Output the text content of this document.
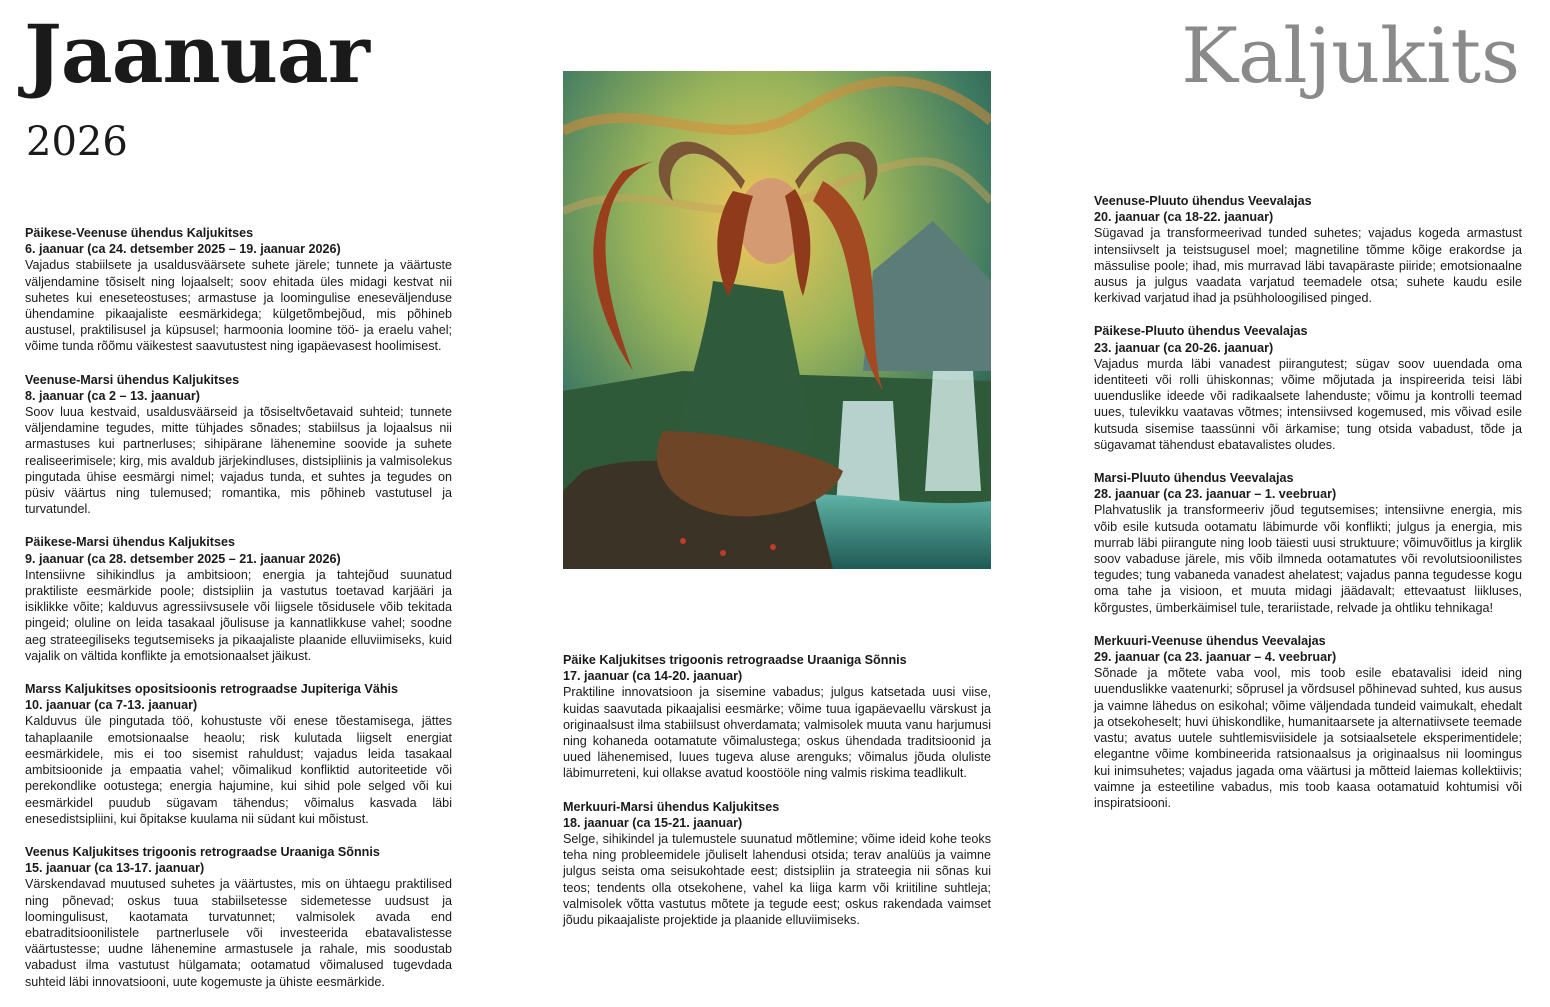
Jaanuar
2026
Kaljukits
Päikese-Veenuse ühendus Kaljukitses
6. jaanuar (ca 24. detsember 2025 – 19. jaanuar 2026)
Vajadus stabiilsete ja usaldusväärsete suhete järele; tunnete ja väärtuste väljendamine tõsiselt ning lojaalselt; soov ehitada üles midagi kestvat nii suhetes kui eneseteostuses; armastuse ja loomingulise eneseväljenduse ühendamine pikaajaliste eesmärkidega; külgetõmbejõud, mis põhineb austusel, praktilisusel ja küpsusel; harmoonia loomine töö- ja eraelu vahel; võime tunda rõõmu väikestest saavutustest ning igapäevasest hoolimisest.
Veenuse-Marsi ühendus Kaljukitses
8. jaanuar (ca 2 – 13. jaanuar)
Soov luua kestvaid, usaldusväärseid ja tõsiseltvõetavaid suhteid; tunnete väljendamine tegudes, mitte tühjades sõnades; stabiilsus ja lojaalsus nii armastuses kui partnerluses; sihipärane lähenemine soovide ja suhete realiseerimisele; kirg, mis avaldub järjekindluses, distsipliinis ja valmisolekus pingutada ühise eesmärgi nimel; vajadus tunda, et suhtes ja tegudes on püsiv väärtus ning tulemused; romantika, mis põhineb vastutusel ja turvatundel.
Päikese-Marsi ühendus Kaljukitses
9. jaanuar (ca 28. detsember 2025 – 21. jaanuar 2026)
Intensiivne sihikindlus ja ambitsioon; energia ja tahtejõud suunatud praktiliste eesmärkide poole; distsipliin ja vastutus toetavad karjääri ja isiklikke võite; kalduvus agressiivsusele või liigsele tõsidusele võib tekitada pingeid; oluline on leida tasakaal jõulisuse ja kannatlikkuse vahel; soodne aeg strateegiliseks tegutsemiseks ja pikaajaliste plaanide elluviimiseks, kuid vajalik on vältida konflikte ja emotsionaalset jäikust.
Marss Kaljukitses opositsioonis retrograadse Jupiteriga Vähis
10. jaanuar (ca 7-13. jaanuar)
Kalduvus üle pingutada töö, kohustuste või enese tõestamisega, jättes tahaplaanile emotsionaalse heaolu; risk kulutada liigselt energiat eesmärkidele, mis ei too sisemist rahuldust; vajadus leida tasakaal ambitsioonide ja empaatia vahel; võimalikud konfliktid autoriteetide või perekondlike ootustega; energia hajumine, kui sihid pole selged või kui eesmärkidel puudub sügavam tähendus; võimalus kasvada läbi enesedistsipliini, kui õpitakse kuulama nii südant kui mõistust.
Veenus Kaljukitses trigoonis retrograadse Uraaniga Sõnnis
15. jaanuar (ca 13-17. jaanuar)
Värskendavad muutused suhetes ja väärtustes, mis on ühtaegu praktilised ning põnevad; oskus tuua stabiilsetesse sidemetesse uudsust ja loomingulisust, kaotamata turvatunnet; valmisolek avada end ebatraditsioonilistele partnerlusele või investeerida ebatavalistesse väärtustesse; uudne lähenemine armastusele ja rahale, mis soodustab vabadust ilma vastutust hülgamata; ootamatud võimalused tugevdada suhteid läbi innovatsiooni, uute kogemuste ja ühiste eesmärkide.
Päike Kaljukitses trigoonis retrograadse Uraaniga Sõnnis
17. jaanuar (ca 14-20. jaanuar)
Praktiline innovatsioon ja sisemine vabadus; julgus katsetada uusi viise, kuidas saavutada pikaajalisi eesmärke; võime tuua igapäevaellu värskust ja originaalsust ilma stabiilsust ohverdamata; valmisolek muuta vanu harjumusi ning kohaneda ootamatute võimalustega; oskus ühendada traditsioonid ja uued lähenemised, luues tugeva aluse arenguks; võimalus jõuda oluliste läbimurreteni, kui ollakse avatud koostööle ning valmis riskima teadlikult.
Merkuuri-Marsi ühendus Kaljukitses
18. jaanuar (ca 15-21. jaanuar)
Selge, sihikindel ja tulemustele suunatud mõtlemine; võime ideid kohe teoks teha ning probleemidele jõuliselt lahendusi otsida; terav analüüs ja vaimne julgus seista oma seisukohtade eest; distsipliin ja strateegia nii sõnas kui teos; tendents olla otsekohene, vahel ka liiga karm või kriitiline suhtleja; valmisolek võtta vastutus mõtete ja tegude eest; oskus rakendada vaimset jõudu pikaajaliste projektide ja plaanide elluviimiseks.
Veenuse-Pluuto ühendus Veevalajas
20. jaanuar (ca 18-22. jaanuar)
Sügavad ja transformeerivad tunded suhetes; vajadus kogeda armastust intensiivselt ja teistsugusel moel; magnetiline tõmme kõige erakordse ja mässulise poole; ihad, mis murravad läbi tavapäraste piiride; emotsionaalne ausus ja julgus vaadata varjatud teemadele otsa; suhete kaudu esile kerkivad varjatud ihad ja psühholoogilised pinged.
Päikese-Pluuto ühendus Veevalajas
23. jaanuar (ca 20-26. jaanuar)
Vajadus murda läbi vanadest piirangutest; sügav soov uuendada oma identiteeti või rolli ühiskonnas; võime mõjutada ja inspireerida teisi läbi uuenduslike ideede või radikaalsete lahenduste; võimu ja kontrolli teemad uues, tulevikku vaatavas võtmes; intensiivsed kogemused, mis võivad esile kutsuda sisemise taassünni või ärkamise; tung otsida vabadust, tõde ja sügavamat tähendust ebatavalistes oludes.
Marsi-Pluuto ühendus Veevalajas
28. jaanuar (ca 23. jaanuar – 1. veebruar)
Plahvatuslik ja transformeeriv jõud tegutsemises; intensiivne energia, mis võib esile kutsuda ootamatu läbimurde või konflikti; julgus ja energia, mis murrab läbi piirangute ning loob täiesti uusi struktuure; võimuvõitlus ja kirglik soov vabaduse järele, mis võib ilmneda ootamatutes või revolutsioonilistes tegudes; tung vabaneda vanadest ahelatest; vajadus panna tegudesse kogu oma tahe ja visioon, et muuta midagi jäädavalt; ettevaatust liikluses, kõrgustes, ümberkäimisel tule, terariistade, relvade ja ohtliku tehnikaga!
Merkuuri-Veenuse ühendus Veevalajas
29. jaanuar (ca 23. jaanuar – 4. veebruar)
Sõnade ja mõtete vaba vool, mis toob esile ebatavalisi ideid ning uuenduslikke vaatenurki; sõprusel ja võrdsusel põhinevad suhted, kus ausus ja vaimne lähedus on esikohal; võime väljendada tundeid vaimukalt, ehedalt ja otsekoheselt; huvi ühiskondlike, humanitaarsete ja alternatiivsete teemade vastu; avatus uutele suhtlemisviisidele ja sotsiaalsetele eksperimentidele; elegantne võime kombineerida ratsionaalsus ja originaalsus nii loomingus kui inimsuhetes; vajadus jagada oma väärtusi ja mõtteid laiemas kollektiivis; vaimne ja esteetiline vabadus, mis toob kaasa ootamatuid kohtumisi või inspiratsiooni.
